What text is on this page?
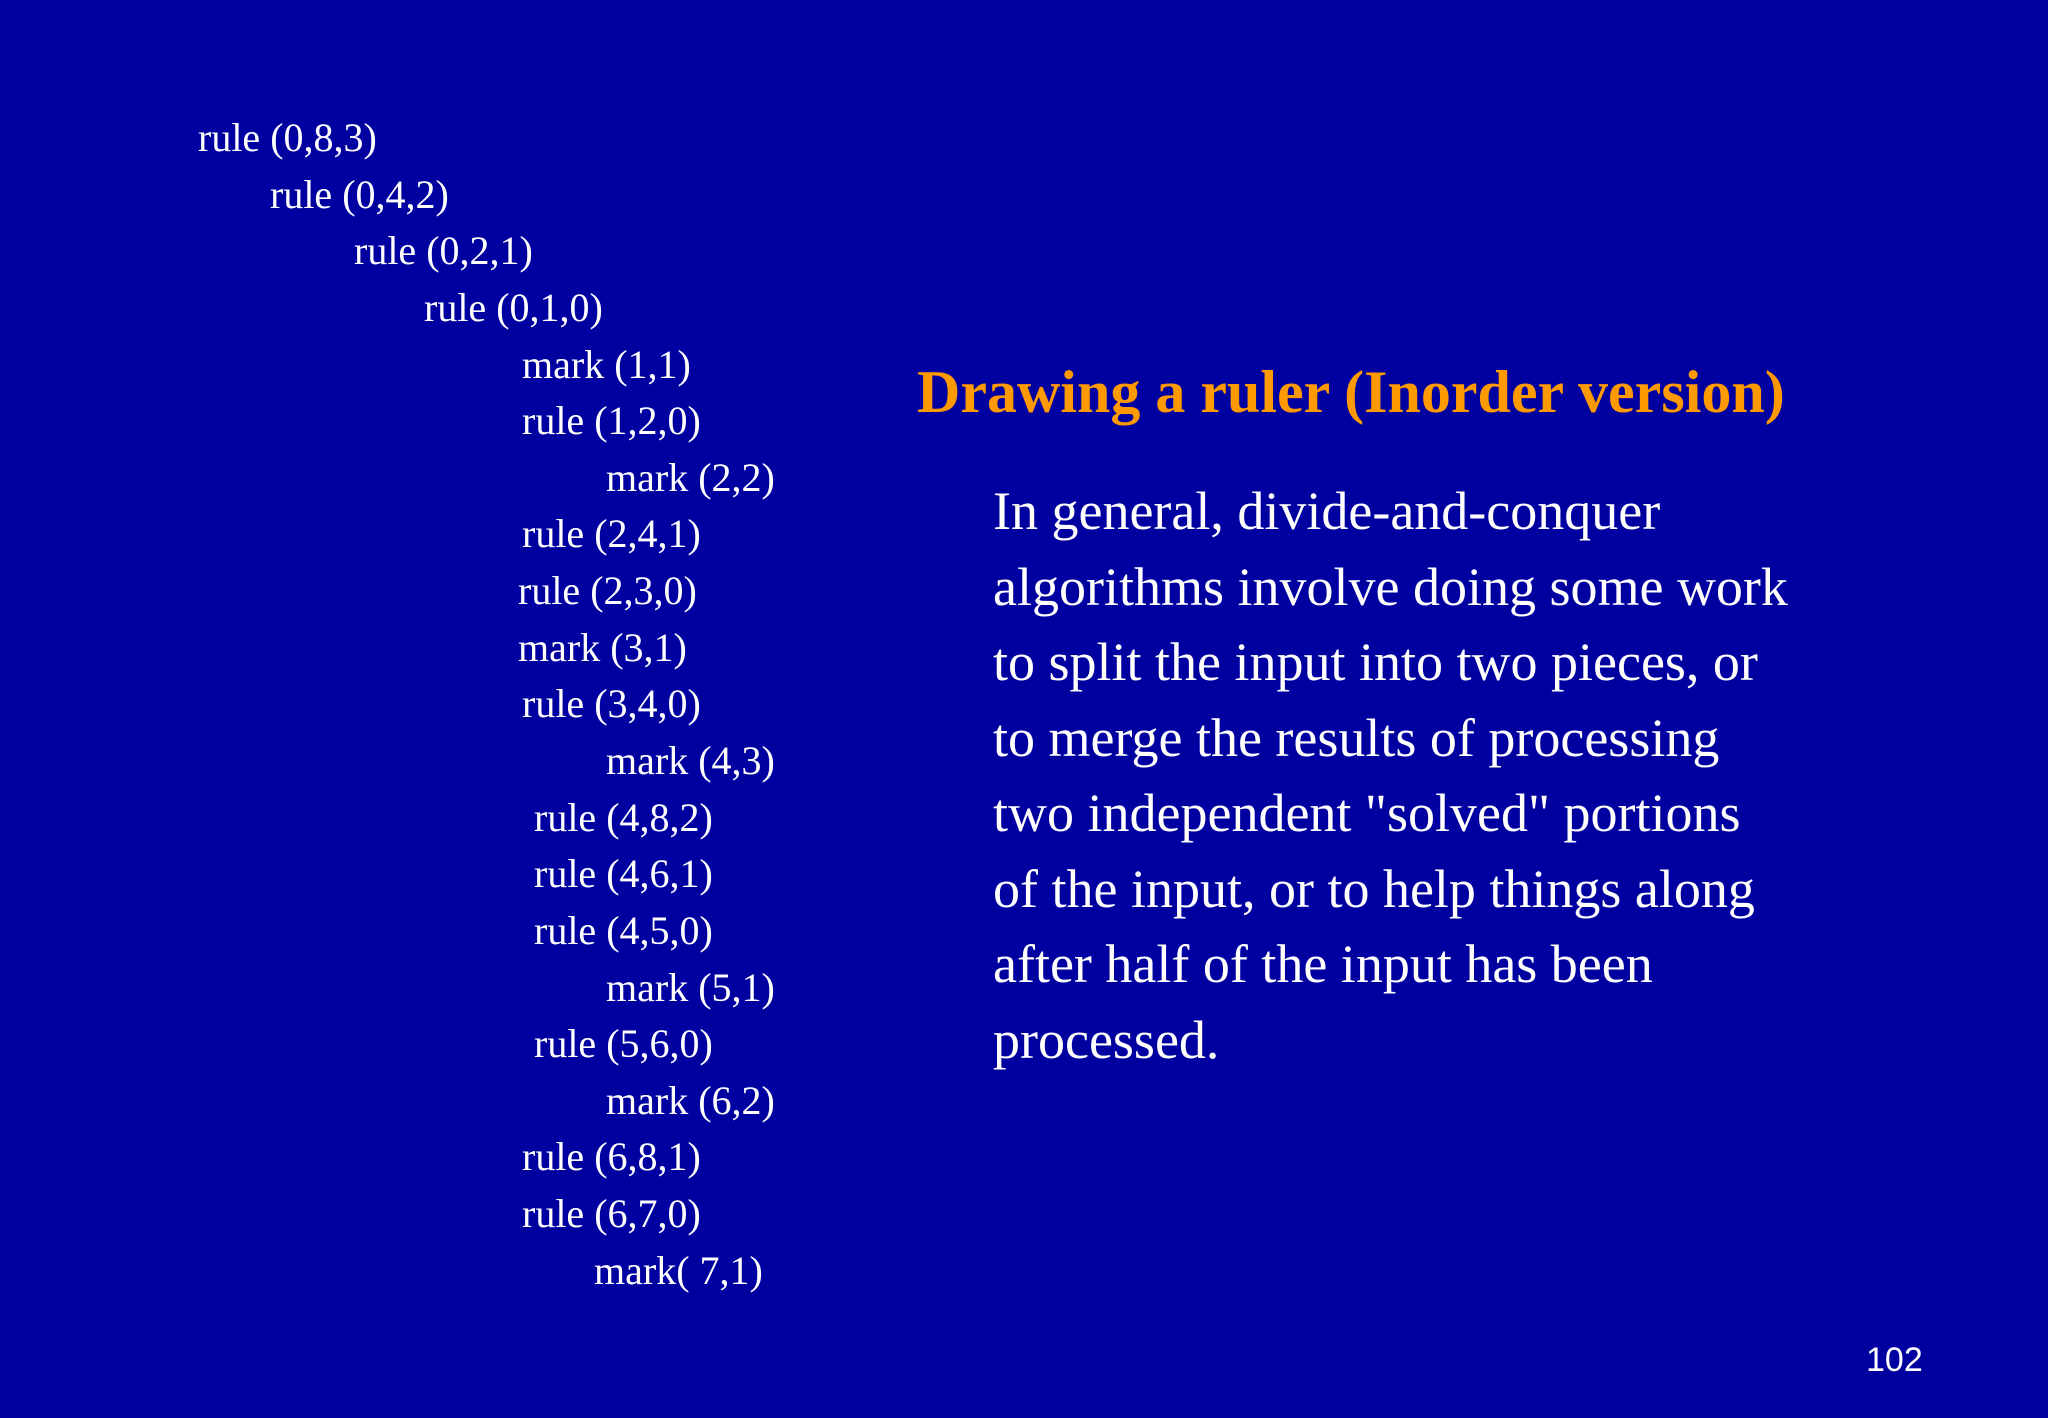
rule (0,8,3)
rule (0,4,2)
rule (0,2,1)
rule (0,1,0)
mark (1,1)
rule (1,2,0)
mark (2,2)
rule (2,4,1)
rule (2,3,0)
mark (3,1)
rule (3,4,0)
mark (4,3)
rule (4,8,2)
rule (4,6,1)
rule (4,5,0)
mark (5,1)
rule (5,6,0)
mark (6,2)
rule (6,8,1)
rule (6,7,0)
mark( 7,1)
Drawing a ruler (Inorder version)
In general, divide-and-conquer
algorithms involve doing some work
to split the input into two pieces, or
to merge the results of processing
two independent "solved" portions
of the input, or to help things along
after half of the input has been
processed.
102
